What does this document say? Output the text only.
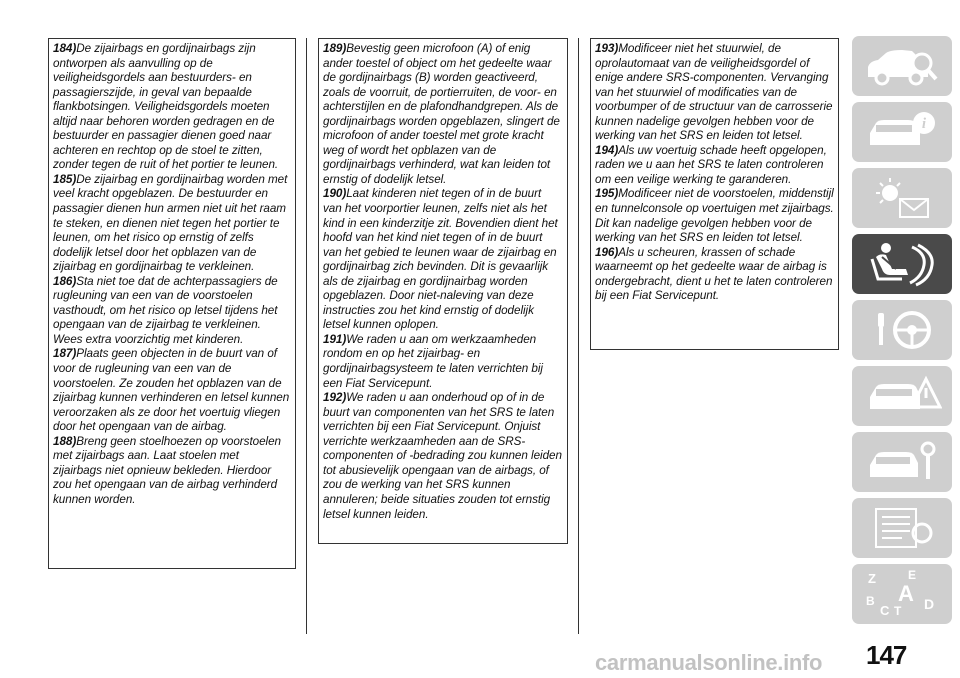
184)De zijairbags en gordijnairbags zijn ontworpen als aanvulling op de veiligheidsgordels aan bestuurders- en passagierszijde, in geval van bepaalde flankbotsingen. Veiligheidsgordels moeten altijd naar behoren worden gedragen en de bestuurder en passagier dienen goed naar achteren en rechtop op de stoel te zitten, zonder tegen de ruit of het portier te leunen.

185)De zijairbag en gordijnairbag worden met veel kracht opgeblazen. De bestuurder en passagier dienen hun armen niet uit het raam te steken, en dienen niet tegen het portier te leunen, om het risico op ernstig of zelfs dodelijk letsel door het opblazen van de zijairbag en gordijnairbag te verkleinen.

186)Sta niet toe dat de achterpassagiers de rugleuning van een van de voorstoelen vasthoudt, om het risico op letsel tijdens het opengaan van de zijairbag te verkleinen. Wees extra voorzichtig met kinderen.

187)Plaats geen objecten in de buurt van of voor de rugleuning van een van de voorstoelen. Ze zouden het opblazen van de zijairbag kunnen verhinderen en letsel kunnen veroorzaken als ze door het voertuig vliegen door het opengaan van de airbag.

188)Breng geen stoelhoezen op voorstoelen met zijairbags aan. Laat stoelen met zijairbags niet opnieuw bekleden. Hierdoor zou het opengaan van de airbag verhinderd kunnen worden.

189)Bevestig geen microfoon (A) of enig ander toestel of object om het gedeelte waar de gordijnairbags (B) worden geactiveerd, zoals de voorruit, de portierruiten, de voor- en achterstijlen en de plafondhandgrepen. Als de gordijnairbags worden opgeblazen, slingert de microfoon of ander toestel met grote kracht weg of wordt het opblazen van de gordijnairbags verhinderd, wat kan leiden tot ernstig of dodelijk letsel.

190)Laat kinderen niet tegen of in de buurt van het voorportier leunen, zelfs niet als het kind in een kinderzitje zit. Bovendien dient het hoofd van het kind niet tegen of in de buurt van het gebied te leunen waar de zijairbag en gordijnairbag zich bevinden. Dit is gevaarlijk als de zijairbag en gordijnairbag worden opgeblazen. Door niet-naleving van deze instructies zou het kind ernstig of dodelijk letsel kunnen oplopen.

191)We raden u aan om werkzaamheden rondom en op het zijairbag- en gordijnairbagsysteem te laten verrichten bij een Fiat Servicepunt.

192)We raden u aan onderhoud op of in de buurt van componenten van het SRS te laten verrichten bij een Fiat Servicepunt. Onjuist verrichte werkzaamheden aan de SRS-componenten of -bedrading zou kunnen leiden tot abusievelijk opengaan van de airbags, of zou de werking van het SRS kunnen annuleren; beide situaties zouden tot ernstig letsel kunnen leiden.

193)Modificeer niet het stuurwiel, de oprolautomaat van de veiligheidsgordel of enige andere SRS-componenten. Vervanging van het stuurwiel of modificaties van de voorbumper of de structuur van de carrosserie kunnen nadelige gevolgen hebben voor de werking van het SRS en leiden tot letsel.

194)Als uw voertuig schade heeft opgelopen, raden we u aan het SRS te laten controleren om een veilige werking te garanderen.

195)Modificeer niet de voorstoelen, middenstijl en tunnelconsole op voertuigen met zijairbags. Dit kan nadelige gevolgen hebben voor de werking van het SRS en leiden tot letsel.

196)Als u scheuren, krassen of schade waarneemt op het gedeelte waar de airbag is ondergebracht, dient u het te laten controleren bij een Fiat Servicepunt.

i
Z	E
A
B
C T D
carmanualsonline.info 147
